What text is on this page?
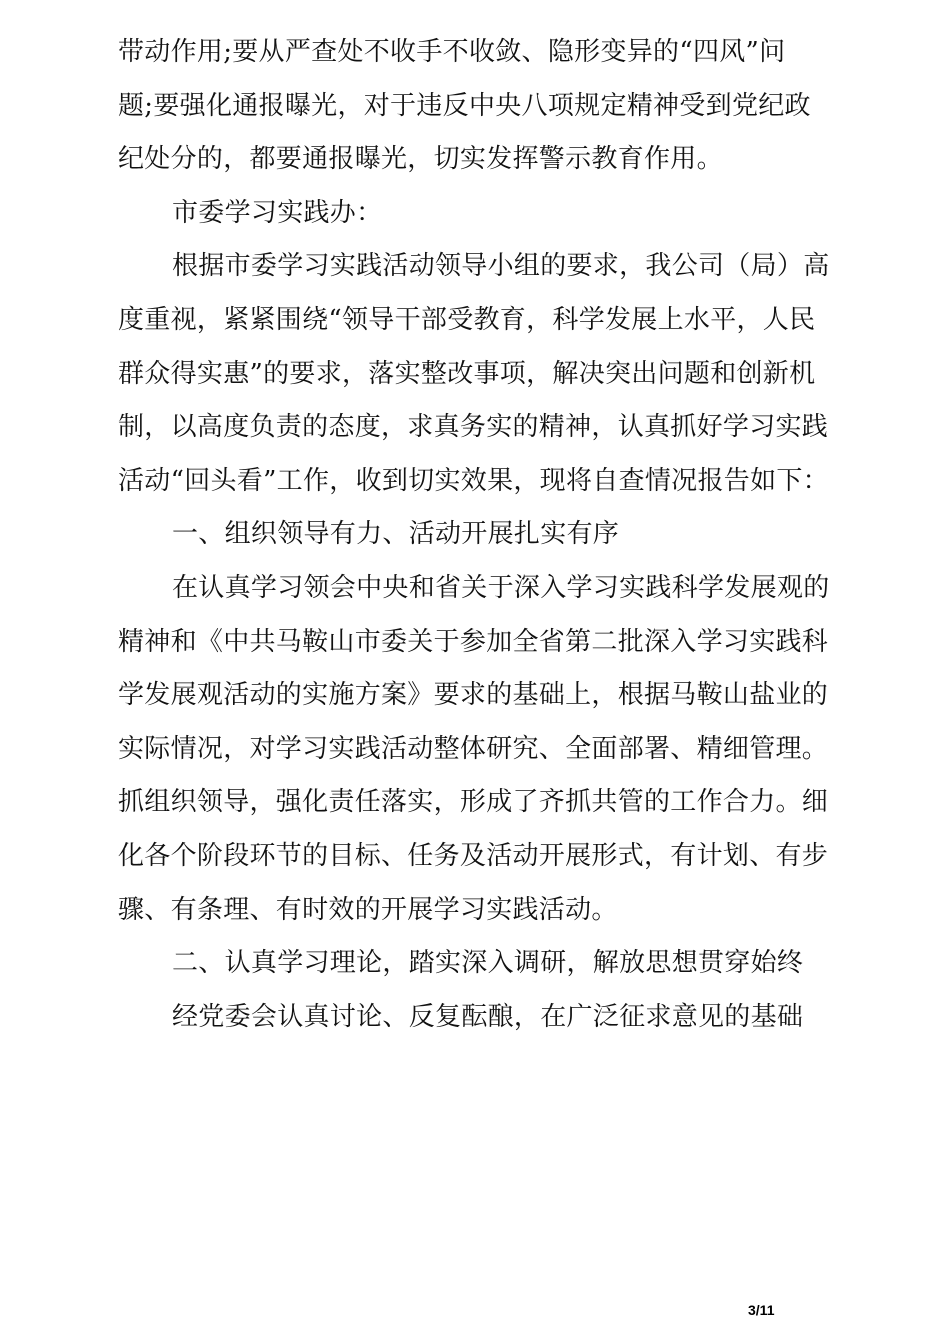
带动作用;要从严查处不收手不收敛、隐形变异的“四风”问
题;要强化通报曝光，对于违反中央八项规定精神受到党纪政
纪处分的，都要通报曝光，切实发挥警示教育作用。
市委学习实践办：
根据市委学习实践活动领导小组的要求，我公司（局）高
度重视，紧紧围绕“领导干部受教育，科学发展上水平，人民
群众得实惠”的要求，落实整改事项，解决突出问题和创新机
制，以高度负责的态度，求真务实的精神，认真抓好学习实践
活动“回头看”工作，收到切实效果，现将自查情况报告如下：
一、组织领导有力、活动开展扎实有序
在认真学习领会中央和省关于深入学习实践科学发展观的
精神和《中共马鞍山市委关于参加全省第二批深入学习实践科
学发展观活动的实施方案》要求的基础上，根据马鞍山盐业的
实际情况，对学习实践活动整体研究、全面部署、精细管理。
抓组织领导，强化责任落实，形成了齐抓共管的工作合力。细
化各个阶段环节的目标、任务及活动开展形式，有计划、有步
骤、有条理、有时效的开展学习实践活动。
二、认真学习理论，踏实深入调研，解放思想贯穿始终
经党委会认真讨论、反复酝酿，在广泛征求意见的基础
3/11
